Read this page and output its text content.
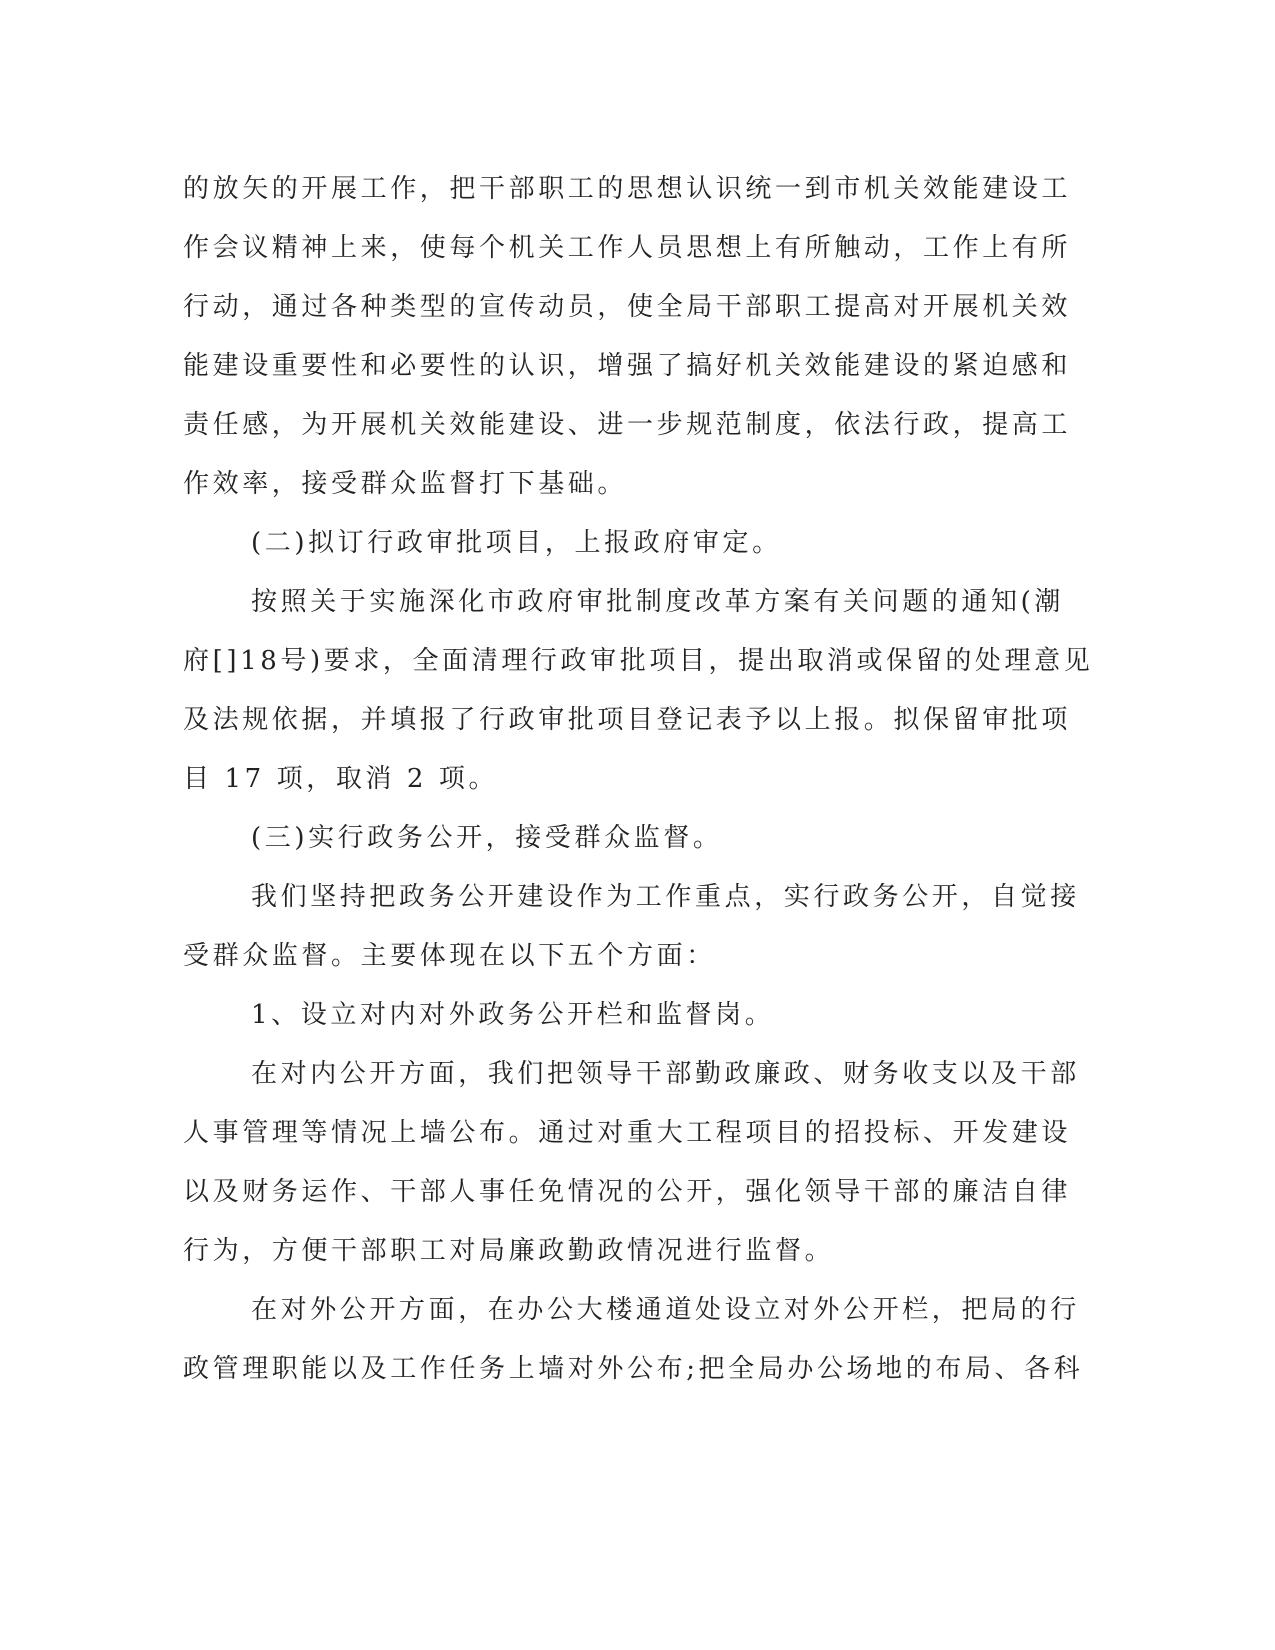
的放矢的开展工作，把干部职工的思想认识统一到市机关效能建设工
作会议精神上来，使每个机关工作人员思想上有所触动，工作上有所
行动，通过各种类型的宣传动员，使全局干部职工提高对开展机关效
能建设重要性和必要性的认识，增强了搞好机关效能建设的紧迫感和
责任感，为开展机关效能建设、进一步规范制度，依法行政，提高工
作效率，接受群众监督打下基础。

(二)拟订行政审批项目，上报政府审定。

按照关于实施深化市政府审批制度改革方案有关问题的通知(潮
府[]18号)要求，全面清理行政审批项目，提出取消或保留的处理意见
及法规依据，并填报了行政审批项目登记表予以上报。拟保留审批项
目 17 项，取消 2 项。

(三)实行政务公开，接受群众监督。

我们坚持把政务公开建设作为工作重点，实行政务公开，自觉接
受群众监督。主要体现在以下五个方面：

1、设立对内对外政务公开栏和监督岗。

在对内公开方面，我们把领导干部勤政廉政、财务收支以及干部
人事管理等情况上墙公布。通过对重大工程项目的招投标、开发建设
以及财务运作、干部人事任免情况的公开，强化领导干部的廉洁自律
行为，方便干部职工对局廉政勤政情况进行监督。

在对外公开方面，在办公大楼通道处设立对外公开栏，把局的行
政管理职能以及工作任务上墙对外公布;把全局办公场地的布局、各科
